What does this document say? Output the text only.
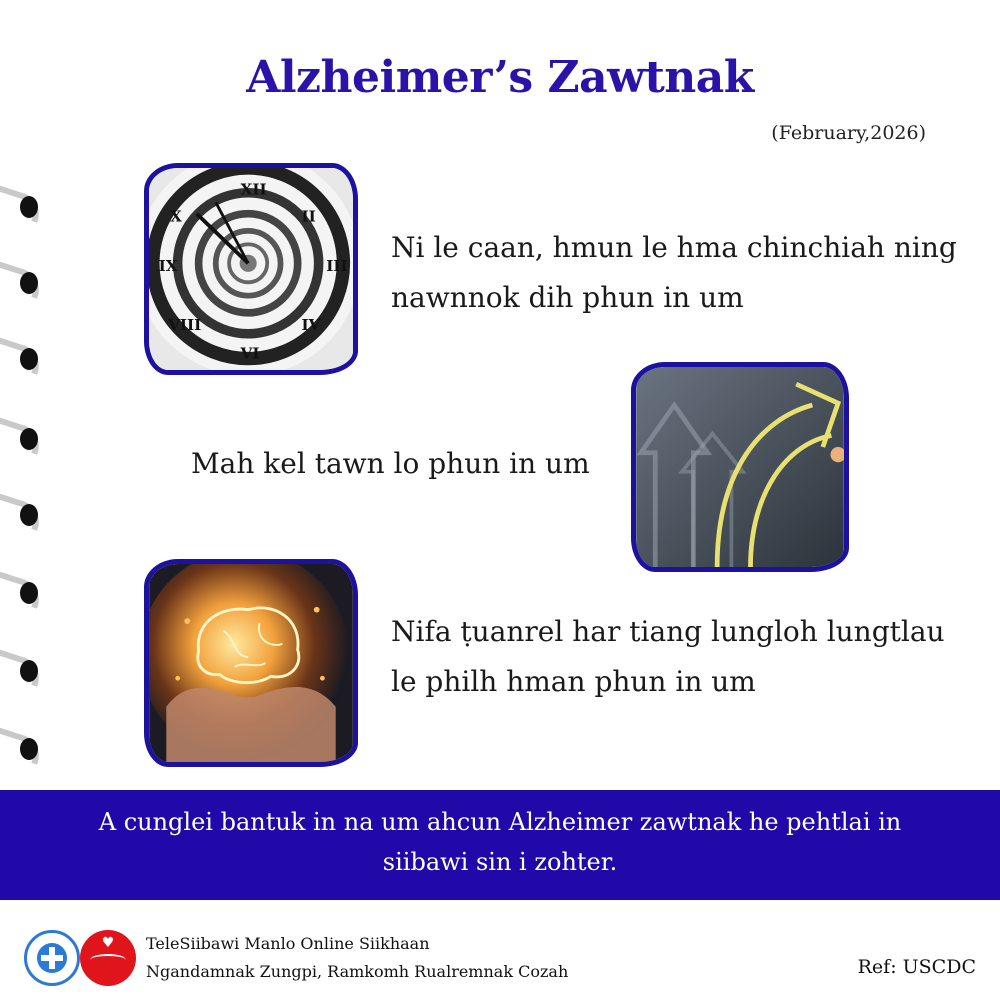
Alzheimer’s Zawtnak
(February,2026)
XII
II
III
IV
VI
VIII
IX
X
Ni le caan, hmun le hma chinchiah ning
nawnnok dih phun in um
Mah kel tawn lo phun in um
Nifa ṭuanrel har tiang lungloh lungtlau
le philh hman phun in um
A cunglei bantuk in na um ahcun Alzheimer zawtnak he pehtlai in
siibawi sin i zohter.
♥ TeleSiibawi Manlo Online Siikhaan
Ngandamnak Zungpi, Ramkomh Rualremnak Cozah	Ref: USCDC
